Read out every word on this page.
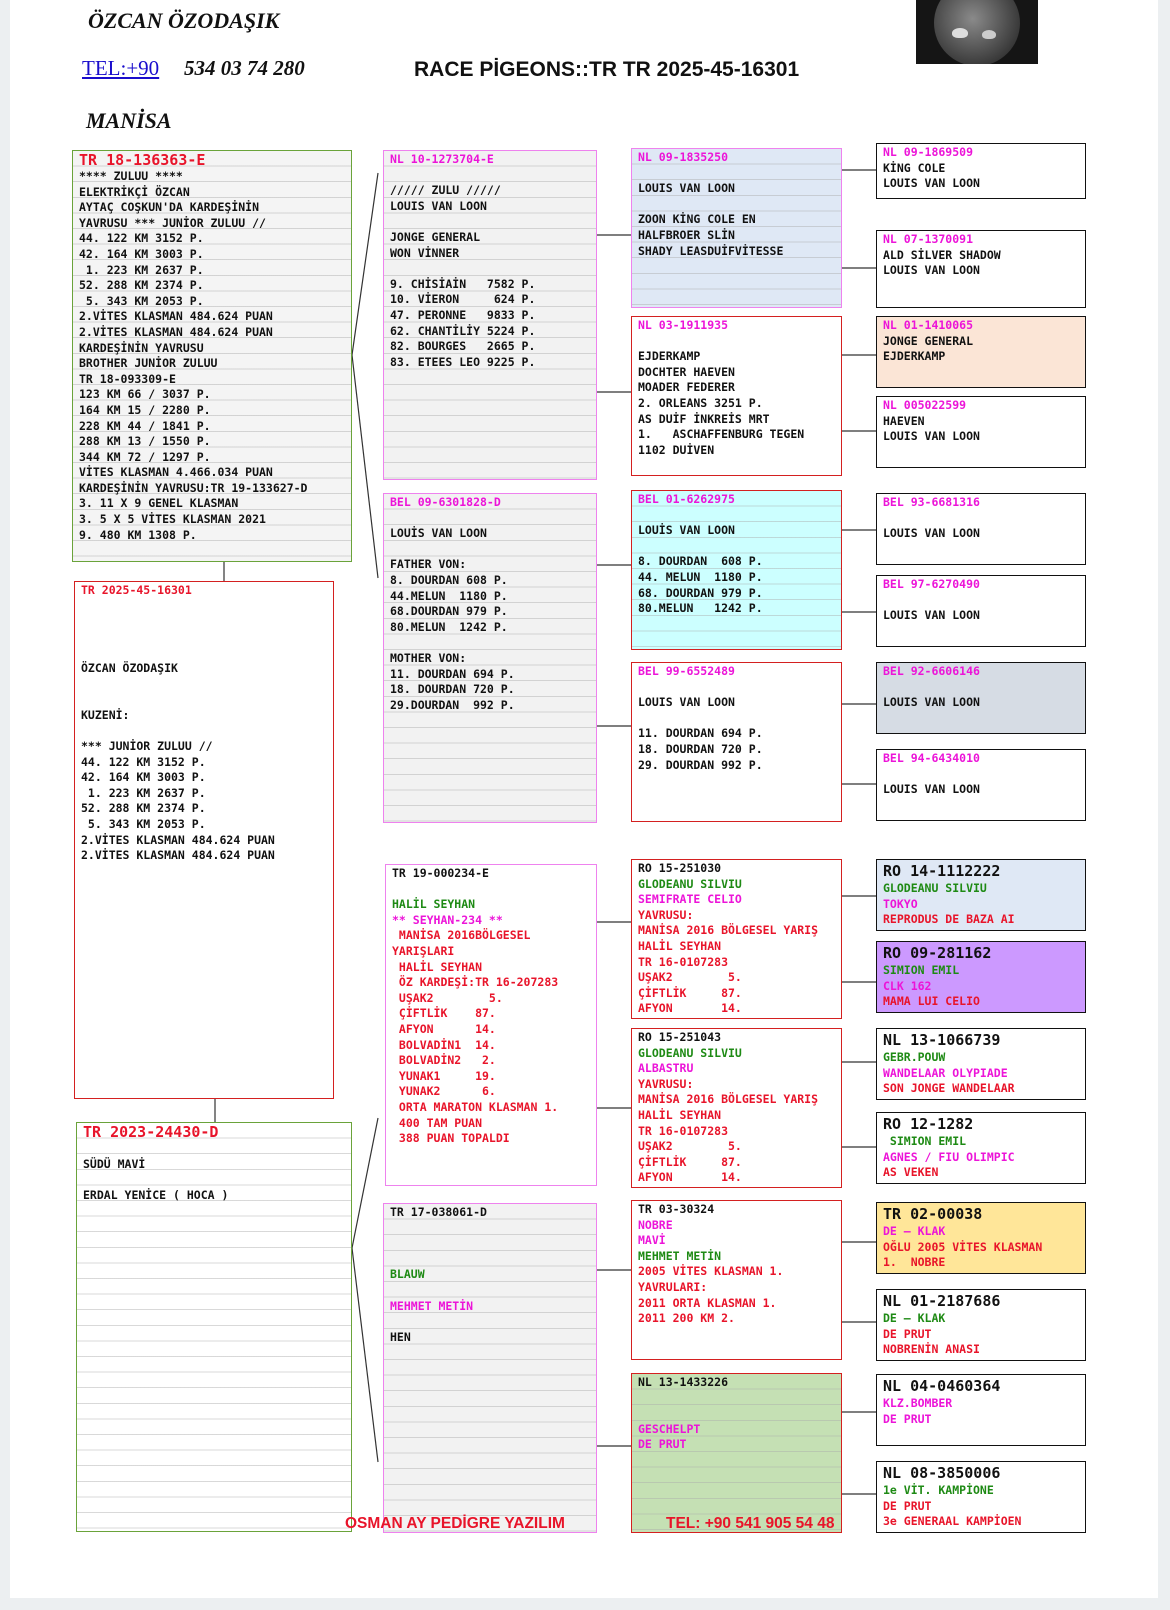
ÖZCAN ÖZODAŞIK
TEL:+90 534 03 74 280	RACE PİGEONS::TR TR 2025-45-16301
MANİSA
TR 18-136363-E
**** ZULUU ****
ELEKTRİKÇİ ÖZCAN
AYTAÇ COŞKUN'DA KARDEŞİNİN
YAVRUSU *** JUNİOR ZULUU //
44. 122 KM 3152 P.
42. 164 KM 3003 P.
1. 223 KM 2637 P.
52. 288 KM 2374 P.
5. 343 KM 2053 P.
2.VİTES KLASMAN 484.624 PUAN
2.VİTES KLASMAN 484.624 PUAN
KARDEŞİNİN YAVRUSU
BROTHER JUNİOR ZULUU
TR 18-093309-E
123 KM 66 / 3037 P.
164 KM 15 / 2280 P.
228 KM 44 / 1841 P.
288 KM 13 / 1550 P.
344 KM 72 / 1297 P.
VİTES KLASMAN 4.466.034 PUAN
KARDEŞİNİN YAVRUSU:TR 19-133627-D
3. 11 X 9 GENEL KLASMAN
3. 5 X 5 VİTES KLASMAN 2021
9. 480 KM 1308 P.
TR 2025-45-16301

ÖZCAN ÖZODAŞIK

KUZENİ:

*** JUNİOR ZULUU //
44. 122 KM 3152 P.
42. 164 KM 3003 P.
1. 223 KM 2637 P.
52. 288 KM 2374 P.
5. 343 KM 2053 P.
2.VİTES KLASMAN 484.624 PUAN
2.VİTES KLASMAN 484.624 PUAN
TR 2023-24430-D

SÜDÜ MAVİ

ERDAL YENİCE ( HOCA )
NL 10-1273704-E

///// ZULU /////
LOUIS VAN LOON

JONGE GENERAL
WON VİNNER

9. CHİSİAİN   7582 P.
10. VİERON     624 P.
47. PERONNE   9833 P.
62. CHANTİLİY 5224 P.
82. BOURGES   2665 P.
83. ETEES LEO 9225 P.
BEL 09-6301828-D

LOUİS VAN LOON

FATHER VON:
8. DOURDAN 608 P.
44.MELUN  1180 P.
68.DOURDAN 979 P.
80.MELUN  1242 P.

MOTHER VON:
11. DOURDAN 694 P.
18. DOURDAN 720 P.
29.DOURDAN  992 P.
TR 19-000234-E

HALİL SEYHAN
** SEYHAN-234 **
MANİSA 2016BÖLGESEL
YARIŞLARI
HALİL SEYHAN
ÖZ KARDEŞİ:TR 16-207283
UŞAK2        5.
ÇİFTLİK    87.
AFYON      14.
BOLVADİN1  14.
BOLVADİN2   2.
YUNAK1     19.
YUNAK2      6.
ORTA MARATON KLASMAN 1.
400 TAM PUAN
388 PUAN TOPALDI
TR 17-038061-D

BLAUW

MEHMET METİN

HEN
NL 09-1835250

LOUIS VAN LOON

ZOON KİNG COLE EN
HALFBROER SLİN
SHADY LEASDUİFVİTESSE
NL 03-1911935

EJDERKAMP
DOCHTER HAEVEN
MOADER FEDERER
2. ORLEANS 3251 P.
AS DUİF İNKREİS MRT
1.   ASCHAFFENBURG TEGEN
1102 DUİVEN
BEL 01-6262975

LOUİS VAN LOON

8. DOURDAN  608 P.
44. MELUN  1180 P.
68. DOURDAN 979 P.
80.MELUN   1242 P.
BEL 99-6552489

LOUIS VAN LOON

11. DOURDAN 694 P.
18. DOURDAN 720 P.
29. DOURDAN 992 P.
RO 15-251030
GLODEANU SILVIU
SEMIFRATE CELIO
YAVRUSU:
MANİSA 2016 BÖLGESEL YARIŞ
HALİL SEYHAN
TR 16-0107283
UŞAK2        5.
ÇİFTLİK     87.
AFYON       14.
RO 15-251043
GLODEANU SILVIU
ALBASTRU
YAVRUSU:
MANİSA 2016 BÖLGESEL YARIŞ
HALİL SEYHAN
TR 16-0107283
UŞAK2        5.
ÇİFTLİK     87.
AFYON       14.
TR 03-30324
NOBRE
MAVİ
MEHMET METİN
2005 VİTES KLASMAN 1.
YAVRULARI:
2011 ORTA KLASMAN 1.
2011 200 KM 2.
NL 13-1433226

GESCHELPT
DE PRUT
NL 09-1869509
KİNG COLE
LOUIS VAN LOON
NL 07-1370091
ALD SİLVER SHADOW
LOUIS VAN LOON
NL 01-1410065
JONGE GENERAL
EJDERKAMP
NL 005022599
HAEVEN
LOUIS VAN LOON
BEL 93-6681316

LOUIS VAN LOON
BEL 97-6270490

LOUIS VAN LOON
BEL 92-6606146

LOUIS VAN LOON
BEL 94-6434010

LOUIS VAN LOON
RO 14-1112222
GLODEANU SILVIU
TOKYO
REPRODUS DE BAZA AI
RO 09-281162
SIMION EMIL
CLK 162
MAMA LUI CELIO
NL 13-1066739
GEBR.POUW
WANDELAAR OLYPIADE
SON JONGE WANDELAAR
RO 12-1282
SIMION EMIL
AGNES / FIU OLIMPIC
AS VEKEN
TR 02-00038
DE – KLAK
OĞLU 2005 VİTES KLASMAN
1.  NOBRE
NL 01-2187686
DE – KLAK
DE PRUT
NOBRENİN ANASI
NL 04-0460364
KLZ.BOMBER
DE PRUT
NL 08-3850006
1e VİT. KAMPİONE
DE PRUT
3e GENERAAL KAMPİOEN
OSMAN AY PEDİGRE YAZILIM	TEL: +90 541 905 54 48
